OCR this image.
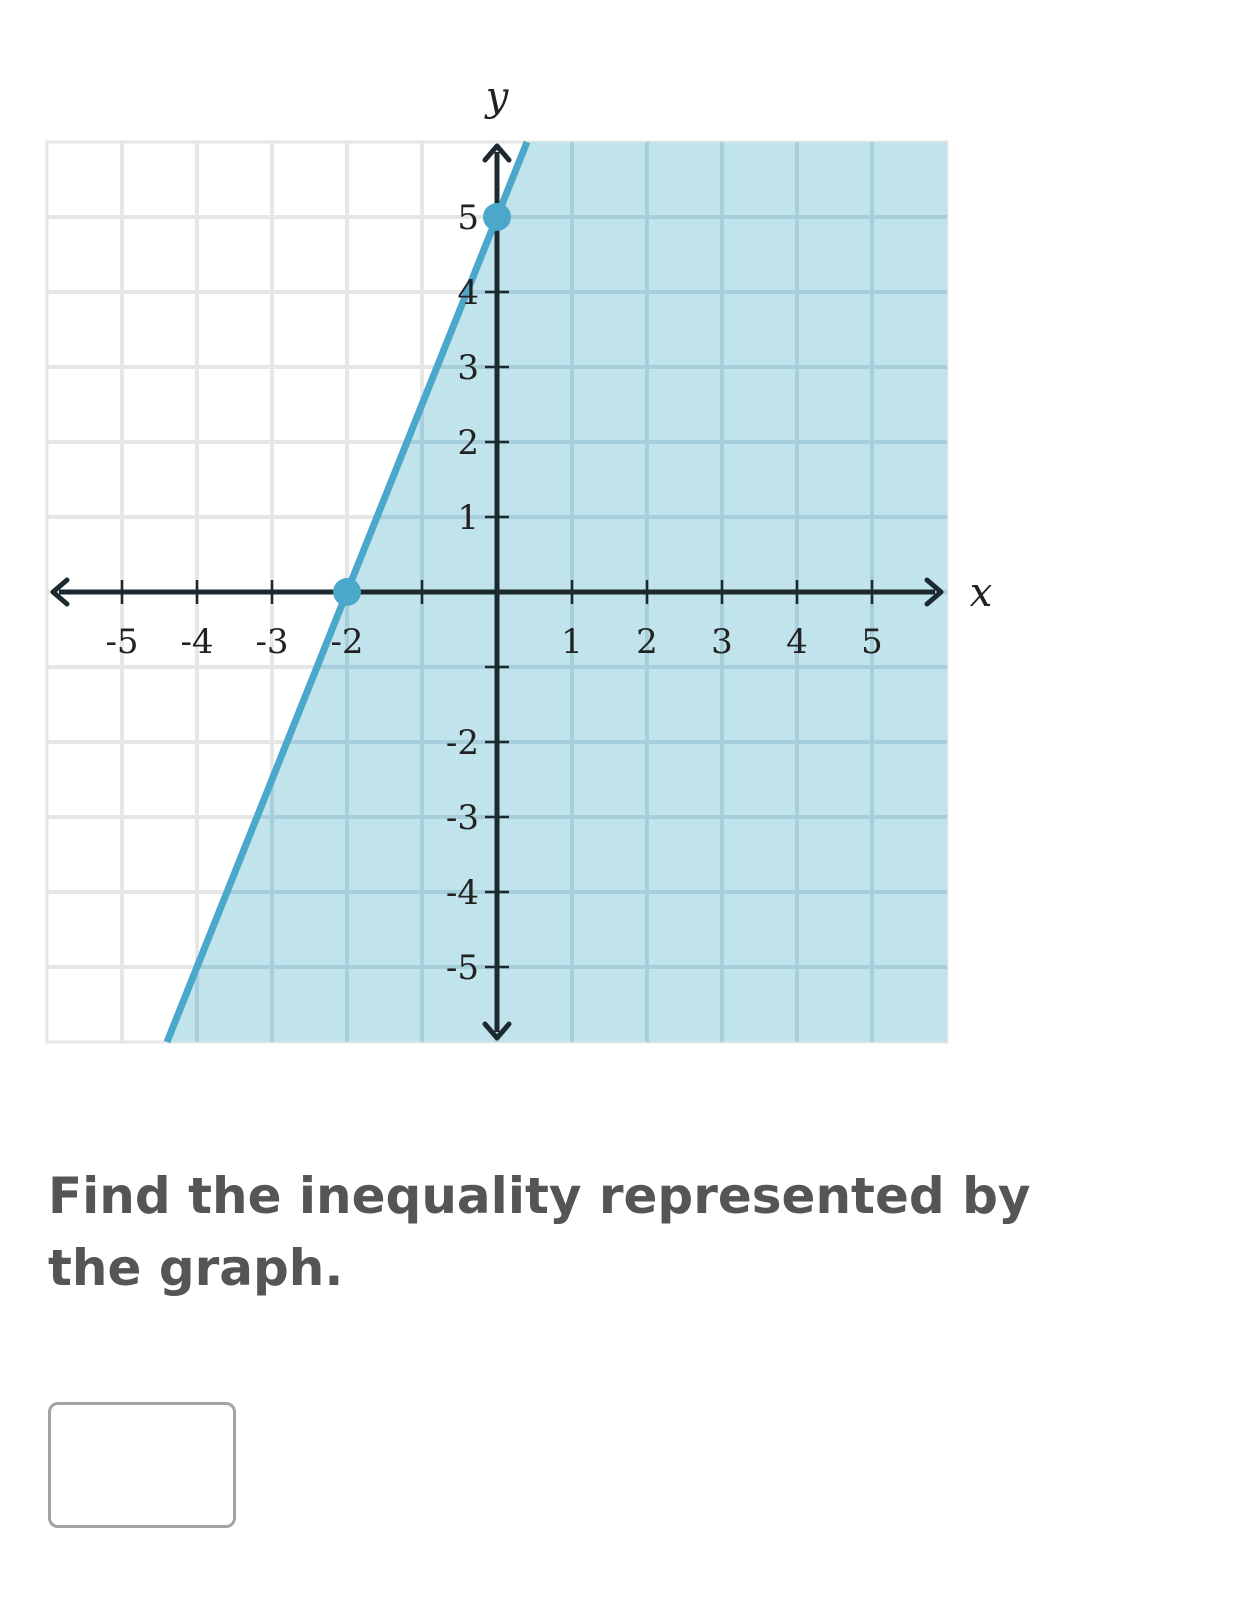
-5 -4 -3 -2	1 2 3 4 5
5
4
3
2
1
-2
-3
-4
-5
x
y

Find the inequality represented by the graph.
